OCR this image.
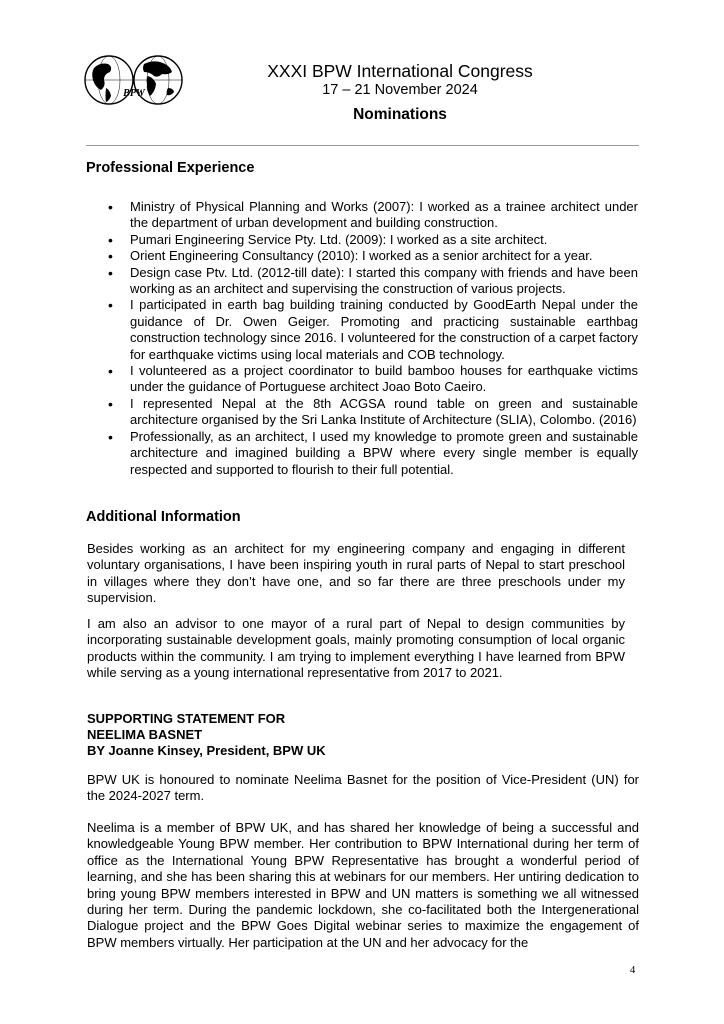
BPW
XXXI BPW International Congress
17 – 21 November 2024
Nominations
Professional Experience
• Ministry of Physical Planning and Works (2007): I worked as a trainee architect under the department of urban development and building construction.
• Pumari Engineering Service Pty. Ltd. (2009): I worked as a site architect.
• Orient Engineering Consultancy (2010): I worked as a senior architect for a year.
• Design case Ptv. Ltd. (2012-till date): I started this company with friends and have been working as an architect and supervising the construction of various projects.
• I participated in earth bag building training conducted by GoodEarth Nepal under the guidance of Dr. Owen Geiger. Promoting and practicing sustainable earthbag construction technology since 2016. I volunteered for the construction of a carpet factory for earthquake victims using local materials and COB technology.
• I volunteered as a project coordinator to build bamboo houses for earthquake victims under the guidance of Portuguese architect Joao Boto Caeiro.
• I represented Nepal at the 8th ACGSA round table on green and sustainable architecture organised by the Sri Lanka Institute of Architecture (SLIA), Colombo. (2016)
• Professionally, as an architect, I used my knowledge to promote green and sustainable architecture and imagined building a BPW where every single member is equally respected and supported to flourish to their full potential.
Additional Information

Besides working as an architect for my engineering company and engaging in different voluntary organisations, I have been inspiring youth in rural parts of Nepal to start preschool in villages where they don’t have one, and so far there are three preschools under my supervision.

I am also an advisor to one mayor of a rural part of Nepal to design communities by incorporating sustainable development goals, mainly promoting consumption of local organic products within the community. I am trying to implement everything I have learned from BPW while serving as a young international representative from 2017 to 2021.

SUPPORTING STATEMENT FOR
NEELIMA BASNET
BY Joanne Kinsey, President, BPW UK

BPW UK is honoured to nominate Neelima Basnet for the position of Vice-President (UN) for the 2024-2027 term.

Neelima is a member of BPW UK, and has shared her knowledge of being a successful and knowledgeable Young BPW member. Her contribution to BPW International during her term of office as the International Young BPW Representative has brought a wonderful period of learning, and she has been sharing this at webinars for our members. Her untiring dedication to bring young BPW members interested in BPW and UN matters is something we all witnessed during her term. During the pandemic lockdown, she co-facilitated both the Intergenerational Dialogue project and the BPW Goes Digital webinar series to maximize the engagement of BPW members virtually. Her participation at the UN and her advocacy for the

4
